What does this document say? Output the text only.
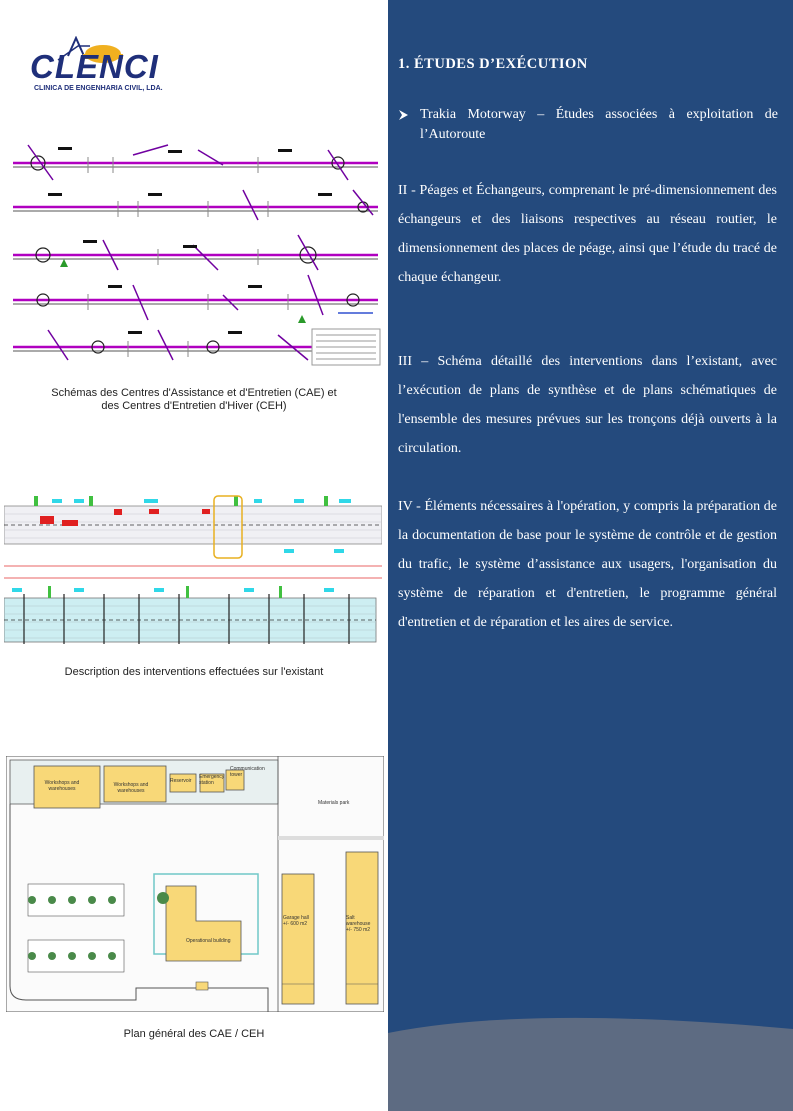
CLENCI
CLINICA DE ENGENHARIA CIVIL, LDA.
Schémas des Centres d'Assistance et d'Entretien (CAE) et
des Centres d'Entretien d'Hiver (CEH)
Description des interventions effectuées sur l'existant
Workshops and warehouses
Workshops and warehouses
Reservoir
Emergency station
Communication tower
Materials park
Garage hall +/- 600 m2
Salt warehouse +/- 750 m2
Operational building
Plan général des CAE / CEH
1. ÉTUDES D’EXÉCUTION
Trakia Motorway – Études associées à exploitation de l’Autoroute

II - Péages et Échangeurs, comprenant le pré-dimensionnement des échangeurs et des liaisons respectives au réseau routier, le dimensionnement des places de péage, ainsi que l’étude du tracé de chaque échangeur.

III – Schéma détaillé des interventions dans l’existant, avec l’exécution de plans de synthèse et de plans schématiques de l'ensemble des mesures prévues sur les tronçons déjà ouverts à la circulation.

IV - Éléments nécessaires à l'opération, y compris la préparation de la documentation de base pour le système de contrôle et de gestion du trafic, le système d’assistance aux usagers, l'organisation du système de réparation et d'entretien, le programme général d'entretien et de réparation et les aires de service.
